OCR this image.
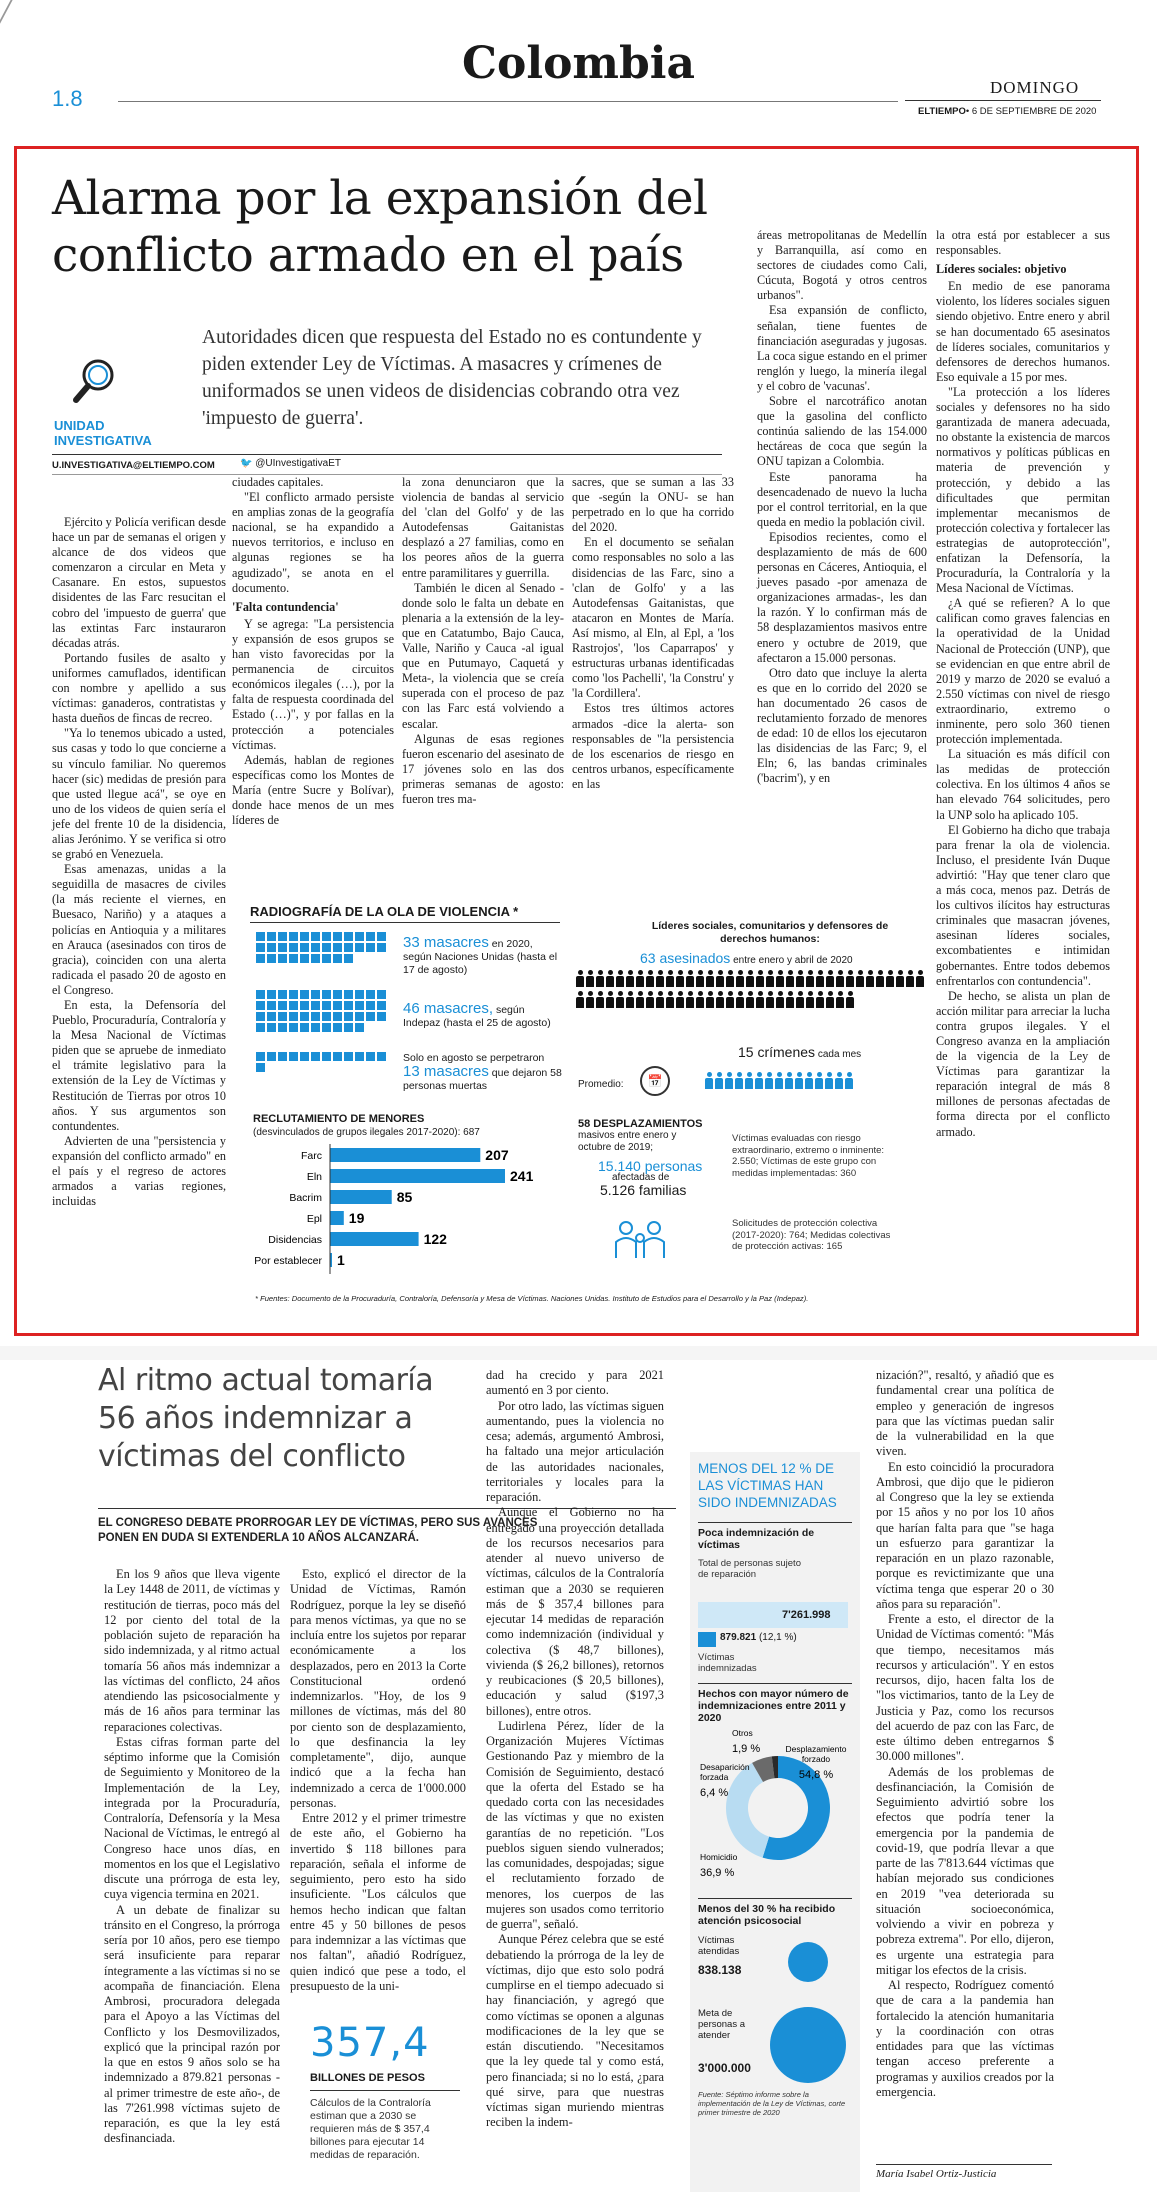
Colombia
1.8	DOMINGO
ELTIEMPO• 6 DE SEPTIEMBRE DE 2020
Alarma por la expansión del conflicto armado en el país
UNIDAD INVESTIGATIVA
Autoridades dicen que respuesta del Estado no es contundente y piden extender Ley de Víctimas. A masacres y crímenes de uniformados se unen videos de disidencias cobrando otra vez 'impuesto de guerra'.
U.INVESTIGATIVA@ELTIEMPO.COM	🐦 @UInvestigativaET

Ejército y Policía verifican desde hace un par de semanas el origen y alcance de dos videos que comenzaron a circular en Meta y Casanare. En estos, supuestos disidentes de las Farc resucitan el cobro del 'impuesto de guerra' que las extintas Farc instauraron décadas atrás.

Portando fusiles de asalto y uniformes camuflados, identifican con nombre y apellido a sus víctimas: ganaderos, contratistas y hasta dueños de fincas de recreo.

"Ya lo tenemos ubicado a usted, sus casas y todo lo que concierne a su vínculo familiar. No queremos hacer (sic) medidas de presión para que usted llegue acá", se oye en uno de los videos de quien sería el jefe del frente 10 de la disidencia, alias Jerónimo. Y se verifica si otro se grabó en Venezuela.

Esas amenazas, unidas a la seguidilla de masacres de civiles (la más reciente el viernes, en Buesaco, Nariño) y a ataques a policías en Antioquia y a militares en Arauca (asesinados con tiros de gracia), coinciden con una alerta radicada el pasado 20 de agosto en el Congreso.

En esta, la Defensoría del Pueblo, Procuraduría, Contraloría y la Mesa Nacional de Víctimas piden que se apruebe de inmediato el trámite legislativo para la extensión de la Ley de Víctimas y Restitución de Tierras por otros 10 años. Y sus argumentos son contundentes.

Advierten de una "persistencia y expansión del conflicto armado" en el país y el regreso de actores armados a varias regiones, incluidas

ciudades capitales.

"El conflicto armado persiste en amplias zonas de la geografía nacional, se ha expandido a nuevos territorios, e incluso en algunas regiones se ha agudizado", se anota en el documento.

'Falta contundencia'

Y se agrega: "La persistencia y expansión de esos grupos se han visto favorecidas por la permanencia de circuitos económicos ilegales (…), por la falta de respuesta coordinada del Estado (…)", y por fallas en la protección a potenciales víctimas.

Además, hablan de regiones específicas como los Montes de María (entre Sucre y Bolívar), donde hace menos de un mes líderes de

la zona denunciaron que la violencia de bandas al servicio del 'clan del Golfo' y de las Autodefensas Gaitanistas desplazó a 27 familias, como en los peores años de la guerra entre paramilitares y guerrilla.

También le dicen al Senado -donde solo le falta un debate en plenaria a la extensión de la ley- que en Catatumbo, Bajo Cauca, Valle, Nariño y Cauca -al igual que en Putumayo, Caquetá y Meta-, la violencia que se creía superada con el proceso de paz con las Farc está volviendo a escalar.

Algunas de esas regiones fueron escenario del asesinato de 17 jóvenes solo en las dos primeras semanas de agosto: fueron tres ma-

sacres, que se suman a las 33 que -según la ONU- se han perpetrado en lo que ha corrido del 2020.

En el documento se señalan como responsables no solo a las disidencias de las Farc, sino a 'clan de Golfo' y a las Autodefensas Gaitanistas, que atacaron en Montes de María. Así mismo, al Eln, al Epl, a 'los Rastrojos', 'los Caparrapos' y estructuras urbanas identificadas como 'los Pachelli', 'la Constru' y 'la Cordillera'.

Estos tres últimos actores armados -dice la alerta- son responsables de "la persistencia de los escenarios de riesgo en centros urbanos, específicamente en las

áreas metropolitanas de Medellín y Barranquilla, así como en sectores de ciudades como Cali, Cúcuta, Bogotá y otros centros urbanos".

Esa expansión de conflicto, señalan, tiene fuentes de financiación aseguradas y jugosas. La coca sigue estando en el primer renglón y luego, la minería ilegal y el cobro de 'vacunas'.

Sobre el narcotráfico anotan que la gasolina del conflicto continúa saliendo de las 154.000 hectáreas de coca que según la ONU tapizan a Colombia.

Este panorama ha desencadenado de nuevo la lucha por el control territorial, en la que queda en medio la población civil.

Episodios recientes, como el desplazamiento de más de 600 personas en Cáceres, Antioquia, el jueves pasado -por amenaza de organizaciones armadas-, les dan la razón. Y lo confirman más de 58 desplazamientos masivos entre enero y octubre de 2019, que afectaron a 15.000 personas.

Otro dato que incluye la alerta es que en lo corrido del 2020 se han documentado 26 casos de reclutamiento forzado de menores de edad: 10 de ellos los ejecutaron las disidencias de las Farc; 9, el Eln; 6, las bandas criminales ('bacrim'), y en

la otra está por establecer a sus responsables.

Líderes sociales: objetivo

En medio de ese panorama violento, los líderes sociales siguen siendo objetivo. Entre enero y abril se han documentado 65 asesinatos de líderes sociales, comunitarios y defensores de derechos humanos. Eso equivale a 15 por mes.

"La protección a los líderes sociales y defensores no ha sido garantizada de manera adecuada, no obstante la existencia de marcos normativos y políticas públicas en materia de prevención y protección, y debido a las dificultades que permitan implementar mecanismos de protección colectiva y fortalecer las estrategias de autoprotección", enfatizan la Defensoría, la Procuraduría, la Contraloría y la Mesa Nacional de Víctimas.

¿A qué se refieren? A lo que califican como graves falencias en la operatividad de la Unidad Nacional de Protección (UNP), que se evidencian en que entre abril de 2019 y marzo de 2020 se evaluó a 2.550 víctimas con nivel de riesgo extraordinario, extremo o inminente, pero solo 360 tienen protección implementada.

La situación es más difícil con las medidas de protección colectiva. En los últimos 4 años se han elevado 764 solicitudes, pero la UNP solo ha aplicado 105.

El Gobierno ha dicho que trabaja para frenar la ola de violencia. Incluso, el presidente Iván Duque advirtió: "Hay que tener claro que a más coca, menos paz. Detrás de los cultivos ilícitos hay estructuras criminales que masacran jóvenes, asesinan líderes sociales, excombatientes e intimidan gobernantes. Entre todos debemos enfrentarlos con contundencia".

De hecho, se alista un plan de acción militar para arreciar la lucha contra grupos ilegales. Y el Congreso avanza en la ampliación de la vigencia de la Ley de Víctimas para garantizar la reparación integral de más 8 millones de personas afectadas de forma directa por el conflicto armado.

RADIOGRAFÍA DE LA OLA DE VIOLENCIA *
33 masacres en 2020, según Naciones Unidas (hasta el 17 de agosto)
46 masacres, según Indepaz (hasta el 25 de agosto)
Solo en agosto se perpetraron
13 masacres que dejaron 58 personas muertas
RECLUTAMIENTO DE MENORES
(desvinculados de grupos ilegales 2017-2020): 687
Farc	207
Eln	241
Bacrim	85
Epl 19
Disidencias	122
Por establecer 1
Líderes sociales, comunitarios y defensores de derechos humanos:
63 asesinados entre enero y abril de 2020
15 crímenes cada mes
Promedio:	📅
58 DESPLAZAMIENTOS
masivos entre enero y octubre de 2019;
15.140 personas
afectadas de
5.126 familias
Víctimas evaluadas con riesgo extraordinario, extremo o inminente: 2.550; Víctimas de este grupo con medidas implementadas: 360
Solicitudes de protección colectiva (2017-2020): 764; Medidas colectivas de protección activas: 165
* Fuentes: Documento de la Procuraduría, Contraloría, Defensoría y Mesa de Víctimas. Naciones Unidas. Instituto de Estudios para el Desarrollo y la Paz (Indepaz).
Al ritmo actual tomaría 56 años indemnizar a víctimas del conflicto
EL CONGRESO DEBATE PRORROGAR LEY DE VÍCTIMAS, PERO SUS AVANCES PONEN EN DUDA SI EXTENDERLA 10 AÑOS ALCANZARÁ.

En los 9 años que lleva vigente la Ley 1448 de 2011, de víctimas y restitución de tierras, poco más del 12 por ciento del total de la población sujeto de reparación ha sido indemnizada, y al ritmo actual tomaría 56 años más indemnizar a las víctimas del conflicto, 24 años atendiendo las psicosocialmente y más de 16 años para terminar las reparaciones colectivas.

Estas cifras forman parte del séptimo informe que la Comisión de Seguimiento y Monitoreo de la Implementación de la Ley, integrada por la Procuraduría, Contraloría, Defensoría y la Mesa Nacional de Víctimas, le entregó al Congreso hace unos días, en momentos en los que el Legislativo discute una prórroga de esta ley, cuya vigencia termina en 2021.

A un debate de finalizar su tránsito en el Congreso, la prórroga sería por 10 años, pero ese tiempo será insuficiente para reparar íntegramente a las víctimas si no se acompaña de financiación. Elena Ambrosi, procuradora delegada para el Apoyo a las Víctimas del Conflicto y los Desmovilizados, explicó que la principal razón por la que en estos 9 años solo se ha indemnizado a 879.821 personas -al primer trimestre de este año-, de las 7'261.998 víctimas sujeto de reparación, es que la ley está desfinanciada.

Esto, explicó el director de la Unidad de Víctimas, Ramón Rodríguez, porque la ley se diseñó para menos víctimas, ya que no se incluía entre los sujetos por reparar económicamente a los desplazados, pero en 2013 la Corte Constitucional ordenó indemnizarlos. "Hoy, de los 9 millones de víctimas, más del 80 por ciento son de desplazamiento, lo que desfinancia la ley completamente", dijo, aunque indicó que a la fecha han indemnizado a cerca de 1'000.000 personas.

Entre 2012 y el primer trimestre de este año, el Gobierno ha invertido $ 118 billones para reparación, señala el informe de seguimiento, pero esto ha sido insuficiente. "Los cálculos que hemos hecho indican que faltan entre 45 y 50 billones de pesos para indemnizar a las víctimas que nos faltan", añadió Rodríguez, quien indicó que pese a todo, el presupuesto de la uni-

357,4
BILLONES DE PESOS
Cálculos de la Contraloría estiman que a 2030 se requieren más de $ 357,4 billones para ejecutar 14 medidas de reparación.

dad ha crecido y para 2021 aumentó en 3 por ciento.

Por otro lado, las víctimas siguen aumentando, pues la violencia no cesa; además, argumentó Ambrosi, ha faltado una mejor articulación de las autoridades nacionales, territoriales y locales para la reparación.

Aunque el Gobierno no ha entregado una proyección detallada de los recursos necesarios para atender al nuevo universo de víctimas, cálculos de la Contraloría estiman que a 2030 se requieren más de $ 357,4 billones para ejecutar 14 medidas de reparación como indemnización (individual y colectiva ($ 48,7 billones), vivienda ($ 26,2 billones), retornos y reubicaciones ($ 20,5 billones), educación y salud ($197,3 billones), entre otros.

Ludirlena Pérez, líder de la Organización Mujeres Víctimas Gestionando Paz y miembro de la Comisión de Seguimiento, destacó que la oferta del Estado se ha quedado corta con las necesidades de las víctimas y que no existen garantías de no repetición. "Los pueblos siguen siendo vulnerados; las comunidades, despojadas; sigue el reclutamiento forzado de menores, los cuerpos de las mujeres son usados como territorio de guerra", señaló.

Aunque Pérez celebra que se esté debatiendo la prórroga de la ley de víctimas, dijo que esto solo podrá cumplirse en el tiempo adecuado si hay financiación, y agregó que como víctimas se oponen a algunas modificaciones de la ley que se están discutiendo. "Necesitamos que la ley quede tal y como está, pero financiada; si no lo está, ¿para qué sirve, para que nuestras víctimas sigan muriendo mientras reciben la indem-

MENOS DEL 12 % DE LAS VÍCTIMAS HAN SIDO INDEMNIZADAS
Poca indemnización de víctimas
Total de personas sujeto de reparación
7'261.998
879.821 (12,1 %)
Víctimas indemnizadas
Hechos con mayor número de indemnizaciones entre 2011 y 2020
Desplazamiento
forzado
54,8 %
Homicidio
36,9 %
Desaparición
forzada
6,4 %
Otros
1,9 %
Menos del 30 % ha recibido atención psicosocial
Víctimas atendidas
838.138
Meta de personas a atender
3'000.000
Fuente: Séptimo informe sobre la implementación de la Ley de Víctimas, corte primer trimestre de 2020

nización?", resaltó, y añadió que es fundamental crear una política de empleo y generación de ingresos para que las víctimas puedan salir de la vulnerabilidad en la que viven.

En esto coincidió la procuradora Ambrosi, que dijo que le pidieron al Congreso que la ley se extienda por 15 años y no por los 10 años que harían falta para que "se haga un esfuerzo para garantizar la reparación en un plazo razonable, porque es revictimizante que una víctima tenga que esperar 20 o 30 años para su reparación".

Frente a esto, el director de la Unidad de Víctimas comentó: "Más que tiempo, necesitamos más recursos y articulación". Y en estos recursos, dijo, hacen falta los de "los victimarios, tanto de la Ley de Justicia y Paz, como los recursos del acuerdo de paz con las Farc, de este último deben entregarnos $ 30.000 millones".

Además de los problemas de desfinanciación, la Comisión de Seguimiento advirtió sobre los efectos que podría tener la emergencia por la pandemia de covid-19, que podría llevar a que parte de las 7'813.644 víctimas que habían mejorado sus condiciones en 2019 "vea deteriorada su situación socioeconómica, volviendo a vivir en pobreza y pobreza extrema". Por ello, dijeron, es urgente una estrategia para mitigar los efectos de la crisis.

Al respecto, Rodríguez comentó que de cara a la pandemia han fortalecido la atención humanitaria y la coordinación con otras entidades para que las víctimas tengan acceso preferente a programas y auxilios creados por la emergencia.

María Isabel Ortiz-Justicia
